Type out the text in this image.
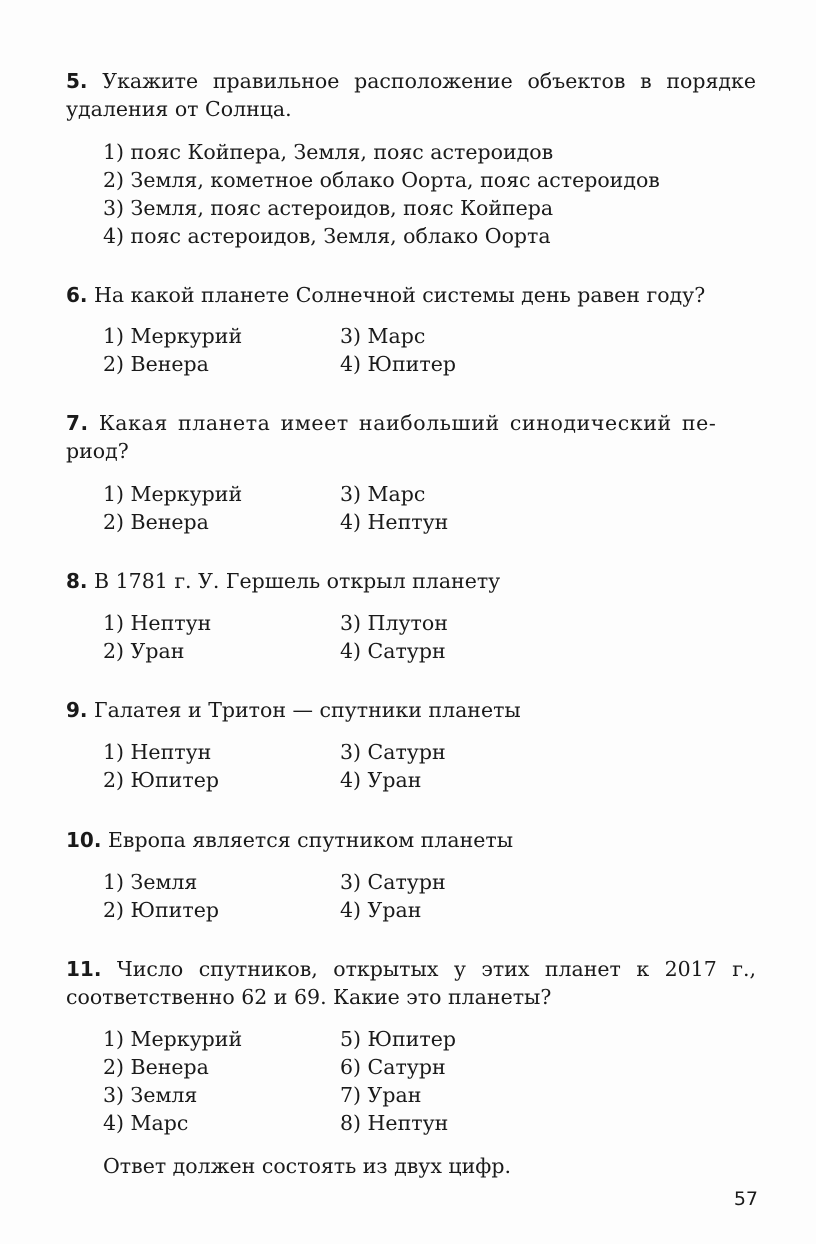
5. Укажите правильное расположение объектов в порядке удаления от Солнца.

1) пояс Койпера, Земля, пояс астероидов
2) Земля, кометное облако Оорта, пояс астероидов
3) Земля, пояс астероидов, пояс Койпера
4) пояс астероидов, Земля, облако Оорта

6. На какой планете Солнечной системы день равен году?

1) Меркурий
2) Венера
3) Марс
4) Юпитер

7. Какая планета имеет наибольший синодический пе-
риод?

1) Меркурий
2) Венера
3) Марс
4) Нептун

8. В 1781 г. У. Гершель открыл планету

1) Нептун
2) Уран
3) Плутон
4) Сатурн

9. Галатея и Тритон — спутники планеты

1) Нептун
2) Юпитер
3) Сатурн
4) Уран

10. Европа является спутником планеты

1) Земля
2) Юпитер
3) Сатурн
4) Уран

11. Число спутников, открытых у этих планет к 2017 г., соответственно 62 и 69. Какие это планеты?

1) Меркурий
2) Венера
3) Земля
4) Марс
5) Юпитер
6) Сатурн
7) Уран
8) Нептун
Ответ должен состоять из двух цифр.
57
